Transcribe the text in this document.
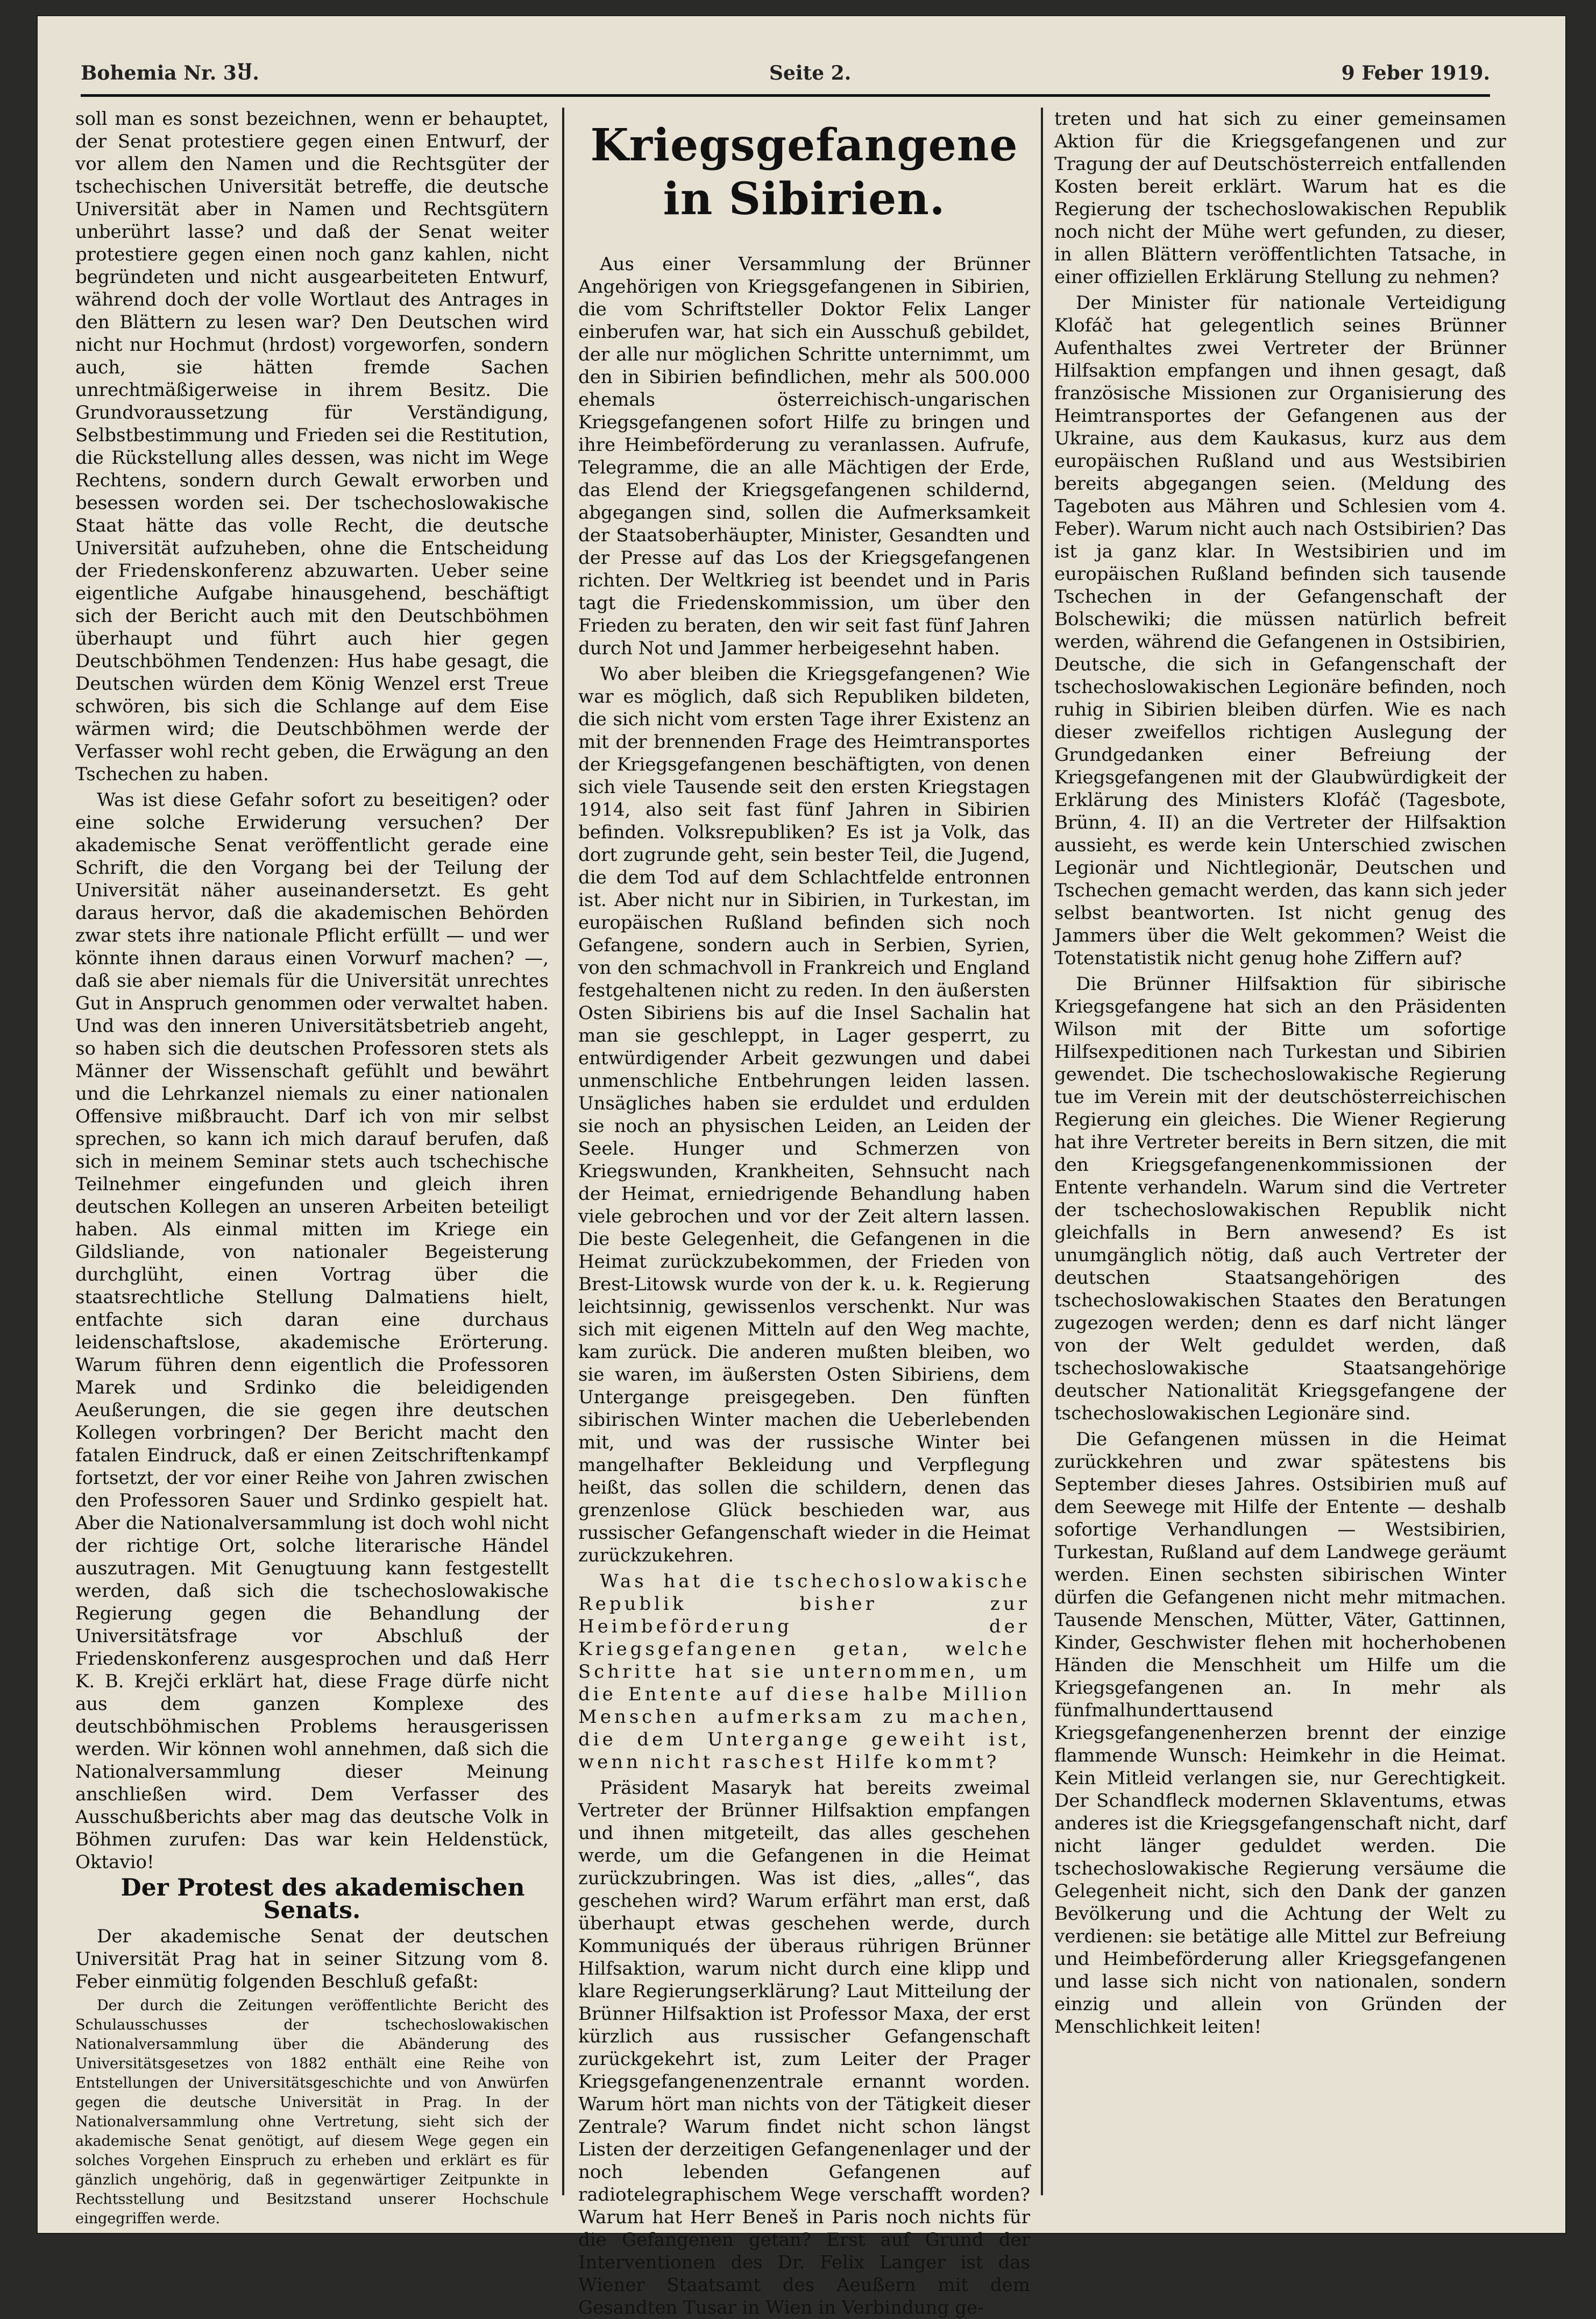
Bohemia Nr. 3Ⴘ.	Seite 2.	9 Feber 1919.

soll man es sonst bezeichnen, wenn er behauptet, der Senat protestiere gegen einen Entwurf, der vor allem den Namen und die Rechtsgüter der tschechischen Universität betreffe, die deutsche Universität aber in Namen und Rechtsgütern unberührt lasse? und daß der Senat weiter protestiere gegen einen noch ganz kahlen, nicht begründeten und nicht ausgearbeiteten Entwurf, während doch der volle Wortlaut des Antrages in den Blättern zu lesen war? Den Deutschen wird nicht nur Hochmut (hrdost) vorgeworfen, sondern auch, sie hätten fremde Sachen unrechtmäßigerweise in ihrem Besitz. Die Grundvoraussetzung für Verständigung, Selbstbestimmung und Frieden sei die Restitution, die Rückstellung alles dessen, was nicht im Wege Rechtens, sondern durch Gewalt erworben und besessen worden sei. Der tschechoslowakische Staat hätte das volle Recht, die deutsche Universität aufzuheben, ohne die Entscheidung der Friedenskonferenz abzuwarten. Ueber seine eigentliche Aufgabe hinausgehend, beschäftigt sich der Bericht auch mit den Deutschböhmen überhaupt und führt auch hier gegen Deutschböhmen Tendenzen: Hus habe gesagt, die Deutschen würden dem König Wenzel erst Treue schwören, bis sich die Schlange auf dem Eise wärmen wird; die Deutschböhmen werde der Verfasser wohl recht geben, die Erwägung an den Tschechen zu haben.

Was ist diese Gefahr sofort zu beseitigen? oder eine solche Erwiderung versuchen? Der akademische Senat veröffentlicht gerade eine Schrift, die den Vorgang bei der Teilung der Universität näher auseinandersetzt. Es geht daraus hervor, daß die akademischen Behörden zwar stets ihre nationale Pflicht erfüllt — und wer könnte ihnen daraus einen Vorwurf machen? —, daß sie aber niemals für die Universität unrechtes Gut in Anspruch genommen oder verwaltet haben. Und was den inneren Universitätsbetrieb angeht, so haben sich die deutschen Professoren stets als Männer der Wissenschaft gefühlt und bewährt und die Lehrkanzel niemals zu einer nationalen Offensive mißbraucht. Darf ich von mir selbst sprechen, so kann ich mich darauf berufen, daß sich in meinem Seminar stets auch tschechische Teilnehmer eingefunden und gleich ihren deutschen Kollegen an unseren Arbeiten beteiligt haben. Als einmal mitten im Kriege ein Gildsliande, von nationaler Begeisterung durchglüht, einen Vortrag über die staatsrechtliche Stellung Dalmatiens hielt, entfachte sich daran eine durchaus leidenschaftslose, akademische Erörterung. Warum führen denn eigentlich die Professoren Marek und Srdinko die beleidigenden Aeußerungen, die sie gegen ihre deutschen Kollegen vorbringen? Der Bericht macht den fatalen Eindruck, daß er einen Zeitschriftenkampf fortsetzt, der vor einer Reihe von Jahren zwischen den Professoren Sauer und Srdinko gespielt hat. Aber die Nationalversammlung ist doch wohl nicht der richtige Ort, solche literarische Händel auszutragen. Mit Genugtuung kann festgestellt werden, daß sich die tschechoslowakische Regierung gegen die Behandlung der Universitätsfrage vor Abschluß der Friedenskonferenz ausgesprochen und daß Herr K. B. Krejči erklärt hat, diese Frage dürfe nicht aus dem ganzen Komplexe des deutschböhmischen Problems herausgerissen werden. Wir können wohl annehmen, daß sich die Nationalversammlung dieser Meinung anschließen wird. Dem Verfasser des Ausschußberichts aber mag das deutsche Volk in Böhmen zurufen: Das war kein Heldenstück, Oktavio!

Der Protest des akademischen Senats.

Der akademische Senat der deutschen Universität Prag hat in seiner Sitzung vom 8. Feber einmütig folgenden Beschluß gefaßt:

Der durch die Zeitungen veröffentlichte Bericht des Schulausschusses der tschechoslowakischen Nationalversammlung über die Abänderung des Universitätsgesetzes von 1882 enthält eine Reihe von Entstellungen der Universitätsgeschichte und von Anwürfen gegen die deutsche Universität in Prag. In der Nationalversammlung ohne Vertretung, sieht sich der akademische Senat genötigt, auf diesem Wege gegen ein solches Vorgehen Einspruch zu erheben und erklärt es für gänzlich ungehörig, daß in gegenwärtiger Zeitpunkte in Rechtsstellung und Besitzstand unserer Hochschule eingegriffen werde.

Kriegsgefangene in Sibirien.

Aus einer Versammlung der Brünner Angehörigen von Kriegsgefangenen in Sibirien, die vom Schriftsteller Doktor Felix Langer einberufen war, hat sich ein Ausschuß gebildet, der alle nur möglichen Schritte unternimmt, um den in Sibirien befindlichen, mehr als 500.000 ehemals österreichisch-ungarischen Kriegsgefangenen sofort Hilfe zu bringen und ihre Heimbeförderung zu veranlassen. Aufrufe, Telegramme, die an alle Mächtigen der Erde, das Elend der Kriegsgefangenen schildernd, abgegangen sind, sollen die Aufmerksamkeit der Staatsoberhäupter, Minister, Gesandten und der Presse auf das Los der Kriegsgefangenen richten. Der Weltkrieg ist beendet und in Paris tagt die Friedenskommission, um über den Frieden zu beraten, den wir seit fast fünf Jahren durch Not und Jammer herbeigesehnt haben.

Wo aber bleiben die Kriegsgefangenen? Wie war es möglich, daß sich Republiken bildeten, die sich nicht vom ersten Tage ihrer Existenz an mit der brennenden Frage des Heimtransportes der Kriegsgefangenen beschäftigten, von denen sich viele Tausende seit den ersten Kriegstagen 1914, also seit fast fünf Jahren in Sibirien befinden. Volksrepubliken? Es ist ja Volk, das dort zugrunde geht, sein bester Teil, die Jugend, die dem Tod auf dem Schlachtfelde entronnen ist. Aber nicht nur in Sibirien, in Turkestan, im europäischen Rußland befinden sich noch Gefangene, sondern auch in Serbien, Syrien, von den schmachvoll in Frankreich und England festgehaltenen nicht zu reden. In den äußersten Osten Sibiriens bis auf die Insel Sachalin hat man sie geschleppt, in Lager gesperrt, zu entwürdigender Arbeit gezwungen und dabei unmenschliche Entbehrungen leiden lassen. Unsägliches haben sie erduldet und erdulden sie noch an physischen Leiden, an Leiden der Seele. Hunger und Schmerzen von Kriegswunden, Krankheiten, Sehnsucht nach der Heimat, erniedrigende Behandlung haben viele gebrochen und vor der Zeit altern lassen. Die beste Gelegenheit, die Gefangenen in die Heimat zurückzubekommen, der Frieden von Brest-Litowsk wurde von der k. u. k. Regierung leichtsinnig, gewissenlos verschenkt. Nur was sich mit eigenen Mitteln auf den Weg machte, kam zurück. Die anderen mußten bleiben, wo sie waren, im äußersten Osten Sibiriens, dem Untergange preisgegeben. Den fünften sibirischen Winter machen die Ueberlebenden mit, und was der russische Winter bei mangelhafter Bekleidung und Verpflegung heißt, das sollen die schildern, denen das grenzenlose Glück beschieden war, aus russischer Gefangenschaft wieder in die Heimat zurückzukehren.

Was hat die tschechoslowakische Republik bisher zur Heimbeförderung der Kriegsgefangenen getan, welche Schritte hat sie unternommen, um die Entente auf diese halbe Million Menschen aufmerksam zu machen, die dem Untergange geweiht ist, wenn nicht raschest Hilfe kommt?

Präsident Masaryk hat bereits zweimal Vertreter der Brünner Hilfsaktion empfangen und ihnen mitgeteilt, das alles geschehen werde, um die Gefangenen in die Heimat zurückzubringen. Was ist dies, „alles“, das geschehen wird? Warum erfährt man erst, daß überhaupt etwas geschehen werde, durch Kommuniqués der überaus rührigen Brünner Hilfsaktion, warum nicht durch eine klipp und klare Regierungserklärung? Laut Mitteilung der Brünner Hilfsaktion ist Professor Maxa, der erst kürzlich aus russischer Gefangenschaft zurückgekehrt ist, zum Leiter der Prager Kriegsgefangenenzentrale ernannt worden. Warum hört man nichts von der Tätigkeit dieser Zentrale? Warum findet nicht schon längst Listen der derzeitigen Gefangenenlager und der noch lebenden Gefangenen auf radiotelegraphischem Wege verschafft worden? Warum hat Herr Beneš in Paris noch nichts für die Gefangenen getan? Erst auf Grund der Interventionen des Dr. Felix Langer ist das Wiener Staatsamt des Aeußern mit dem Gesandten Tusar in Wien in Verbindung ge-

treten und hat sich zu einer gemeinsamen Aktion für die Kriegsgefangenen und zur Tragung der auf Deutschösterreich entfallenden Kosten bereit erklärt. Warum hat es die Regierung der tschechoslowakischen Republik noch nicht der Mühe wert gefunden, zu dieser, in allen Blättern veröffentlichten Tatsache, in einer offiziellen Erklärung Stellung zu nehmen?

Der Minister für nationale Verteidigung Klofáč hat gelegentlich seines Brünner Aufenthaltes zwei Vertreter der Brünner Hilfsaktion empfangen und ihnen gesagt, daß französische Missionen zur Organisierung des Heimtransportes der Gefangenen aus der Ukraine, aus dem Kaukasus, kurz aus dem europäischen Rußland und aus Westsibirien bereits abgegangen seien. (Meldung des Tageboten aus Mähren und Schlesien vom 4. Feber). Warum nicht auch nach Ostsibirien? Das ist ja ganz klar. In Westsibirien und im europäischen Rußland befinden sich tausende Tschechen in der Gefangenschaft der Bolschewiki; die müssen natürlich befreit werden, während die Gefangenen in Ostsibirien, Deutsche, die sich in Gefangenschaft der tschechoslowakischen Legionäre befinden, noch ruhig in Sibirien bleiben dürfen. Wie es nach dieser zweifellos richtigen Auslegung der Grundgedanken einer Befreiung der Kriegsgefangenen mit der Glaubwürdigkeit der Erklärung des Ministers Klofáč (Tagesbote, Brünn, 4. II) an die Vertreter der Hilfsaktion aussieht, es werde kein Unterschied zwischen Legionär und Nichtlegionär, Deutschen und Tschechen gemacht werden, das kann sich jeder selbst beantworten. Ist nicht genug des Jammers über die Welt gekommen? Weist die Totenstatistik nicht genug hohe Ziffern auf?

Die Brünner Hilfsaktion für sibirische Kriegsgefangene hat sich an den Präsidenten Wilson mit der Bitte um sofortige Hilfsexpeditionen nach Turkestan und Sibirien gewendet. Die tschechoslowakische Regierung tue im Verein mit der deutschösterreichischen Regierung ein gleiches. Die Wiener Regierung hat ihre Vertreter bereits in Bern sitzen, die mit den Kriegsgefangenenkommissionen der Entente verhandeln. Warum sind die Vertreter der tschechoslowakischen Republik nicht gleichfalls in Bern anwesend? Es ist unumgänglich nötig, daß auch Vertreter der deutschen Staatsangehörigen des tschechoslowakischen Staates den Beratungen zugezogen werden; denn es darf nicht länger von der Welt geduldet werden, daß tschechoslowakische Staatsangehörige deutscher Nationalität Kriegsgefangene der tschechoslowakischen Legionäre sind.

Die Gefangenen müssen in die Heimat zurückkehren und zwar spätestens bis September dieses Jahres. Ostsibirien muß auf dem Seewege mit Hilfe der Entente — deshalb sofortige Verhandlungen — Westsibirien, Turkestan, Rußland auf dem Landwege geräumt werden. Einen sechsten sibirischen Winter dürfen die Gefangenen nicht mehr mitmachen. Tausende Menschen, Mütter, Väter, Gattinnen, Kinder, Geschwister flehen mit hocherhobenen Händen die Menschheit um Hilfe um die Kriegsgefangenen an. In mehr als fünfmalhunderttausend Kriegsgefangenenherzen brennt der einzige flammende Wunsch: Heimkehr in die Heimat. Kein Mitleid verlangen sie, nur Gerechtigkeit. Der Schandfleck modernen Sklaventums, etwas anderes ist die Kriegsgefangenschaft nicht, darf nicht länger geduldet werden. Die tschechoslowakische Regierung versäume die Gelegenheit nicht, sich den Dank der ganzen Bevölkerung und die Achtung der Welt zu verdienen: sie betätige alle Mittel zur Befreiung und Heimbeförderung aller Kriegsgefangenen und lasse sich nicht von nationalen, sondern einzig und allein von Gründen der Menschlichkeit leiten!
